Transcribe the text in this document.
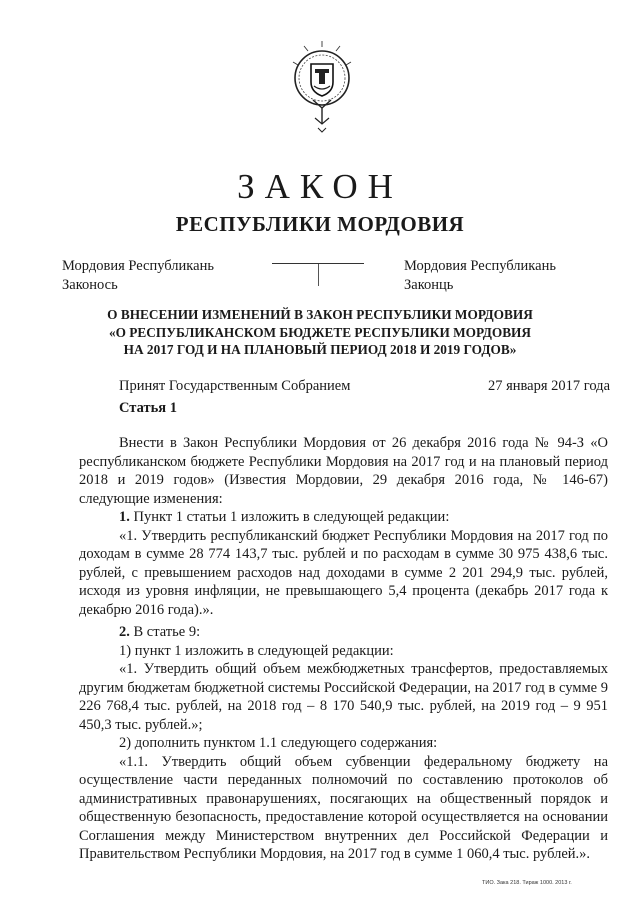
ЗАКОН
РЕСПУБЛИКИ МОРДОВИЯ
Мордовия Республикань
Законось
Мордовия Республикань
Законць
О ВНЕСЕНИИ ИЗМЕНЕНИЙ В ЗАКОН РЕСПУБЛИКИ МОРДОВИЯ
«О РЕСПУБЛИКАНСКОМ БЮДЖЕТЕ РЕСПУБЛИКИ МОРДОВИЯ
НА 2017 ГОД И НА ПЛАНОВЫЙ ПЕРИОД 2018 И 2019 ГОДОВ»
Принят Государственным Собранием	27 января 2017 года
Статья 1

Внести в Закон Республики Мордовия от 26 декабря 2016 года № 94-З «О республиканском бюджете Республики Мордовия на 2017 год и на плановый период 2018 и 2019 годов» (Известия Мордовии, 29 декабря 2016 года, № 146-67) следующие изменения:

1. Пункт 1 статьи 1 изложить в следующей редакции:

«1. Утвердить республиканский бюджет Республики Мордовия на 2017 год по доходам в сумме 28 774 143,7 тыс. рублей и по расходам в сумме 30 975 438,6 тыс. рублей, с превышением расходов над доходами в сумме 2 201 294,9 тыс. рублей, исходя из уровня инфляции, не превышающего 5,4 процента (декабрь 2017 года к декабрю 2016 года).».

2. В статье 9:

1) пункт 1 изложить в следующей редакции:

«1. Утвердить общий объем межбюджетных трансфертов, предоставляемых другим бюджетам бюджетной системы Российской Федерации, на 2017 год в сумме 9 226 768,4 тыс. рублей, на 2018 год – 8 170 540,9 тыс. рублей, на 2019 год – 9 951 450,3 тыс. рублей.»;

2) дополнить пунктом 1.1 следующего содержания:

«1.1. Утвердить общий объем субвенции федеральному бюджету на осуществление части переданных полномочий по составлению протоколов об административных правонарушениях, посягающих на общественный порядок и общественную безопасность, предоставление которой осуществляется на основании Соглашения между Министерством внутренних дел Российской Федерации и Правительством Республики Мордовия, на 2017 год в сумме 1 060,4 тыс. рублей.».

ТИО. Зака 218. Тираж 1000. 2013 г.
